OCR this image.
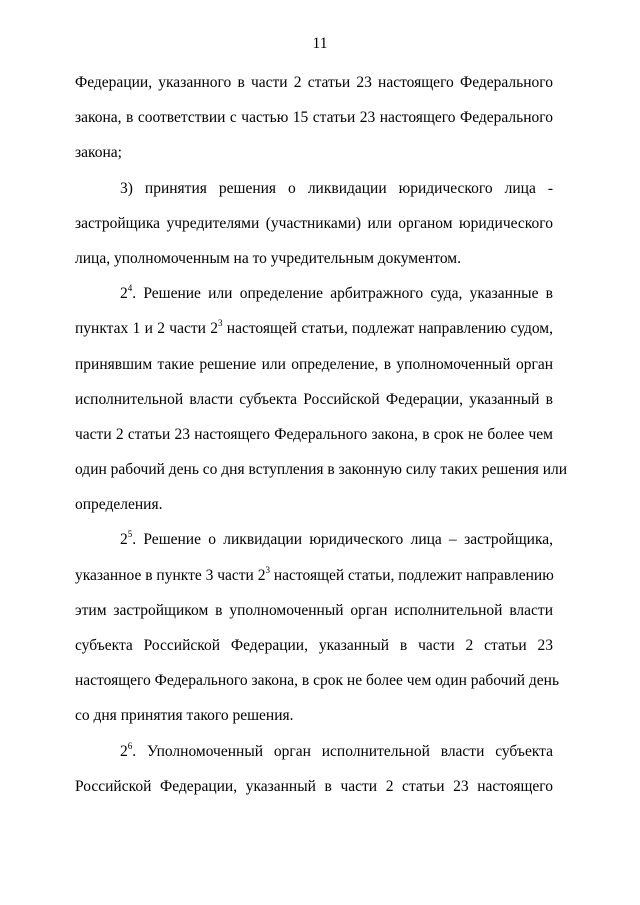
11
Федерации, указанного в части 2 статьи 23 настоящего Федерального
закона, в соответствии с частью 15 статьи 23 настоящего Федерального
закона;
3) принятия решения о ликвидации юридического лица -
застройщика учредителями (участниками) или органом юридического
лица, уполномоченным на то учредительным документом.
$2^4$. Решение или определение арбитражного суда, указанные в
пунктах 1 и 2 части $2^3$ настоящей статьи, подлежат направлению судом,
принявшим такие решение или определение, в уполномоченный орган
исполнительной власти субъекта Российской Федерации, указанный в
части 2 статьи 23 настоящего Федерального закона, в срок не более чем
один рабочий день со дня вступления в законную силу таких решения или
определения.
$2^5$. Решение о ликвидации юридического лица – застройщика,
указанное в пункте 3 части $2^3$ настоящей статьи, подлежит направлению
этим застройщиком в уполномоченный орган исполнительной власти
субъекта Российской Федерации, указанный в части 2 статьи 23
настоящего Федерального закона, в срок не более чем один рабочий день
со дня принятия такого решения.
$2^6$. Уполномоченный орган исполнительной власти субъекта
Российской Федерации, указанный в части 2 статьи 23 настоящего
